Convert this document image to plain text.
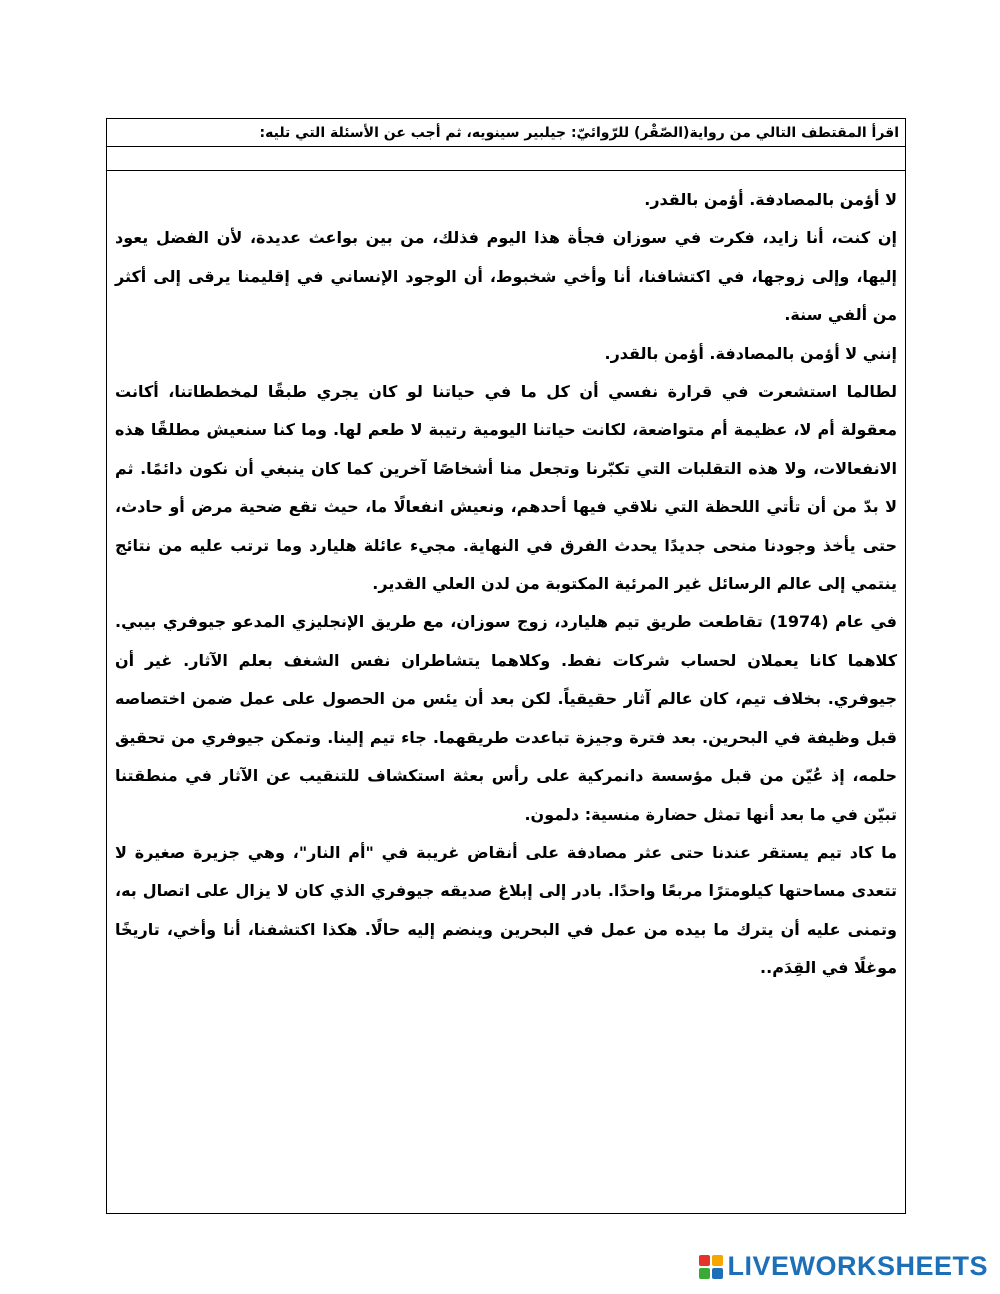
اقرأ المقتطف التالي من رواية(الصّقْر) للرّوائيّ: جيلبير سينويه، ثم أجب عن الأسئلة التي تليه:

لا أؤمن بالمصادفة. أؤمن بالقدر.

إن كنت، أنا زايد، فكرت في سوزان فجأة هذا اليوم فذلك، من بين بواعث عديدة، لأن الفضل يعود إليها، وإلى زوجها، في اكتشافنا، أنا وأخي شخبوط، أن الوجود الإنساني في إقليمنا يرقى إلى أكثر من ألفي سنة.

إنني لا أؤمن بالمصادفة. أؤمن بالقدر.

لطالما استشعرت في قرارة نفسي أن كل ما في حياتنا لو كان يجري طبقًا لمخططاتنا، أكانت معقولة أم لا، عظيمة أم متواضعة، لكانت حياتنا اليومية رتيبة لا طعم لها. وما كنا سنعيش مطلقًا هذه الانفعالات، ولا هذه التقلبات التي تكبّرنا وتجعل منا أشخاصًا آخرين كما كان ينبغي أن نكون دائمًا. ثم لا بدّ من أن تأتي اللحظة التي نلاقي فيها أحدهم، ونعيش انفعالًا ما، حيث تقع ضحية مرض أو حادث، حتى يأخذ وجودنا منحى جديدًا يحدث الفرق في النهاية. مجيء عائلة هليارد وما ترتب عليه من نتائج ينتمي إلى عالم الرسائل غير المرئية المكتوبة من لدن العلي القدير.

في عام (1974) تقاطعت طريق تيم هليارد، زوج سوزان، مع طريق الإنجليزي المدعو جيوفري بيبي. كلاهما كانا يعملان لحساب شركات نفط. وكلاهما يتشاطران نفس الشغف بعلم الآثار. غير أن جيوفري. بخلاف تيم، كان عالم آثار حقيقياً. لكن بعد أن يئس من الحصول على عمل ضمن اختصاصه قبل وظيفة في البحرين. بعد فترة وجيزة تباعدت طريقهما. جاء تيم إلينا. وتمكن جيوفري من تحقيق حلمه، إذ عُيّن من قبل مؤسسة دانمركية على رأس بعثة استكشاف للتنقيب عن الآثار في منطقتنا تبيّن في ما بعد أنها تمثل حضارة منسية: دلمون.

ما كاد تيم يستقر عندنا حتى عثر مصادفة على أنقاض غريبة في "أم النار"، وهي جزيرة صغيرة لا تتعدى مساحتها كيلومترًا مربعًا واحدًا. بادر إلى إبلاغ صديقه جيوفري الذي كان لا يزال على اتصال به، وتمنى عليه أن يترك ما بيده من عمل في البحرين وينضم إليه حالًا. هكذا اكتشفنا، أنا وأخي، تاريخًا موغلًا في القِدَم..

LIVEWORKSHEETS
